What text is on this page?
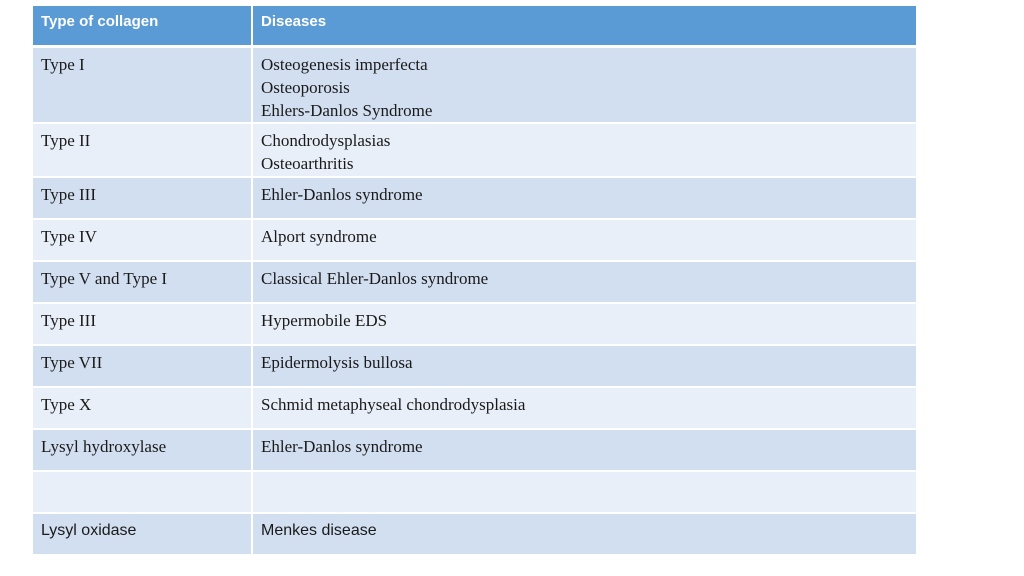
Type of collagen	Diseases
Type I	Osteogenesis imperfecta
Osteoporosis
Ehlers-Danlos Syndrome

Type II	Chondrodysplasias
Osteoarthritis

Type III	Ehler-Danlos syndrome

Type IV	Alport syndrome

Type V and Type I	Classical Ehler-Danlos syndrome

Type III	Hypermobile EDS

Type VII	Epidermolysis bullosa

Type X	Schmid metaphyseal chondrodysplasia

Lysyl hydroxylase	Ehler-Danlos syndrome

Lysyl oxidase	Menkes disease
